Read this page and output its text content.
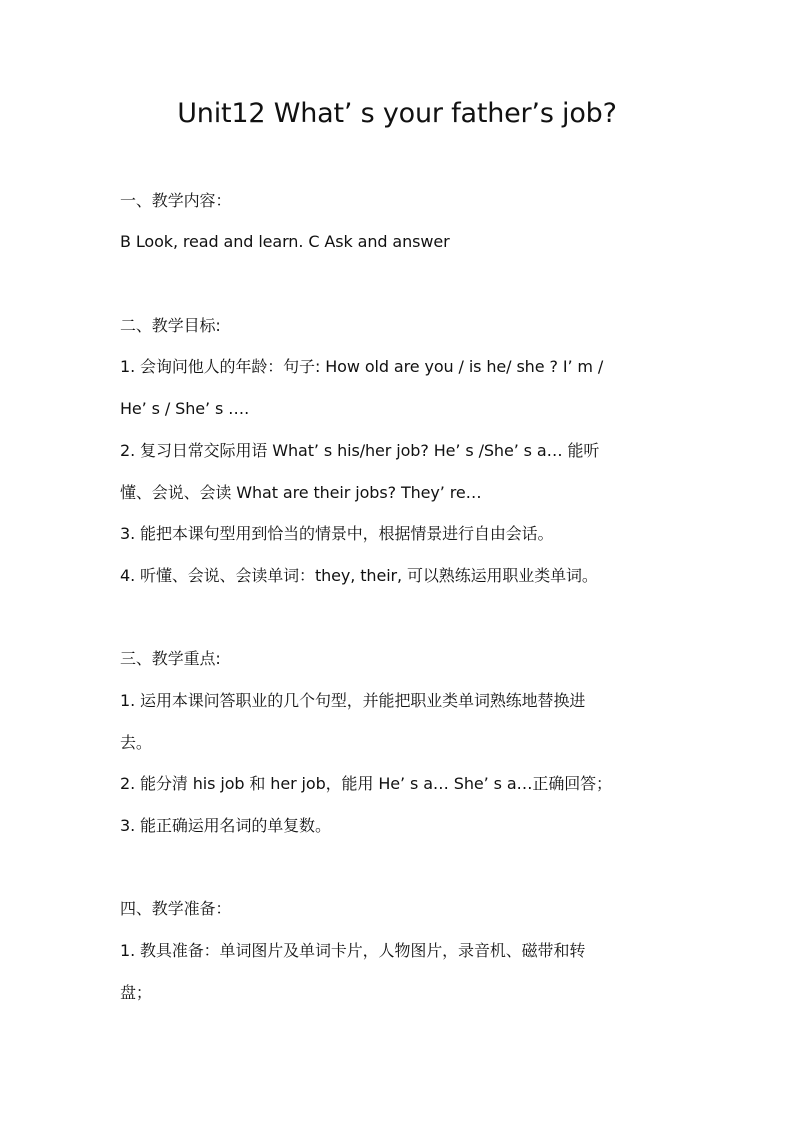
Unit12 What’ s your father’s job?
一、教学内容：
B Look, read and learn. C Ask and answer
二、教学目标:
1. 会询问他人的年龄：句子: How old are you / is he/ she ? I’ m /
He’ s / She’ s ….
2. 复习日常交际用语 What’ s his/her job? He’ s /She’ s a… 能听
懂、会说、会读 What are their jobs? They’ re…
3. 能把本课句型用到恰当的情景中，根据情景进行自由会话。
4. 听懂、会说、会读单词：they, their, 可以熟练运用职业类单词。
三、教学重点:
1. 运用本课问答职业的几个句型，并能把职业类单词熟练地替换进
去。
2. 能分清 his job 和 her job，能用 He’ s a… She’ s a…正确回答；
3. 能正确运用名词的单复数。
四、教学准备：
1. 教具准备：单词图片及单词卡片，人物图片，录音机、磁带和转
盘；
